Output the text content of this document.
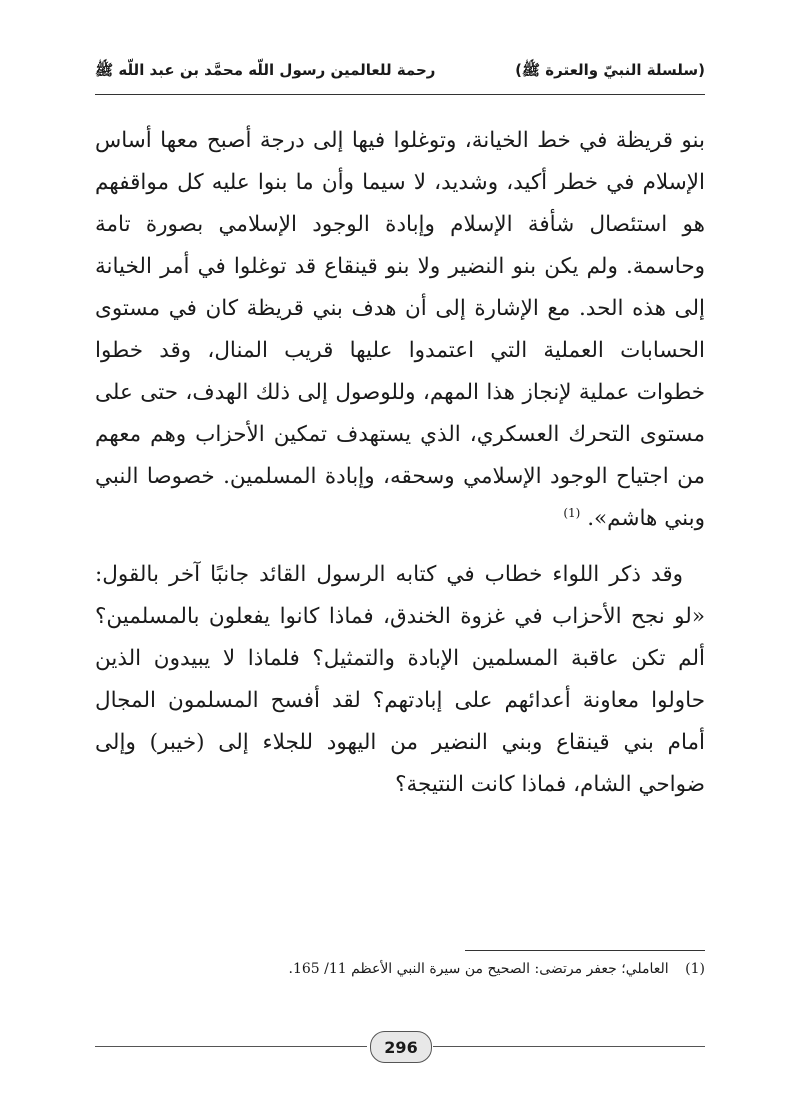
(سلسلة النبيّ والعترة ﷺ)
رحمة للعالمين رسول اللّه محمَّد بن عبد اللّه ﷺ

بنو قريظة في خط الخيانة، وتوغلوا فيها إلى درجة أصبح معها أساس الإسلام في خطر أكيد، وشديد، لا سيما وأن ما بنوا عليه كل مواقفهم هو استئصال شأفة الإسلام وإبادة الوجود الإسلامي بصورة تامة وحاسمة. ولم يكن بنو النضير ولا بنو قينقاع قد توغلوا في أمر الخيانة إلى هذه الحد. مع الإشارة إلى أن هدف بني قريظة كان في مستوى الحسابات العملية التي اعتمدوا عليها قريب المنال، وقد خطوا خطوات عملية لإنجاز هذا المهم، وللوصول إلى ذلك الهدف، حتى على مستوى التحرك العسكري، الذي يستهدف تمكين الأحزاب وهم معهم من اجتياح الوجود الإسلامي وسحقه، وإبادة المسلمين. خصوصا النبي وبني هاشم». $^{(1)}$

وقد ذكر اللواء خطاب في كتابه الرسول القائد جانبًا آخر بالقول: «لو نجح الأحزاب في غزوة الخندق، فماذا كانوا يفعلون بالمسلمين؟ ألم تكن عاقبة المسلمين الإبادة والتمثيل؟ فلماذا لا يبيدون الذين حاولوا معاونة أعدائهم على إبادتهم؟ لقد أفسح المسلمون المجال أمام بني قينقاع وبني النضير من اليهود للجلاء إلى (خيبر) وإلى ضواحي الشام، فماذا كانت النتيجة؟

(1) العاملي؛ جعفر مرتضى: الصحيح من سيرة النبي الأعظم 11/ 165.
296
